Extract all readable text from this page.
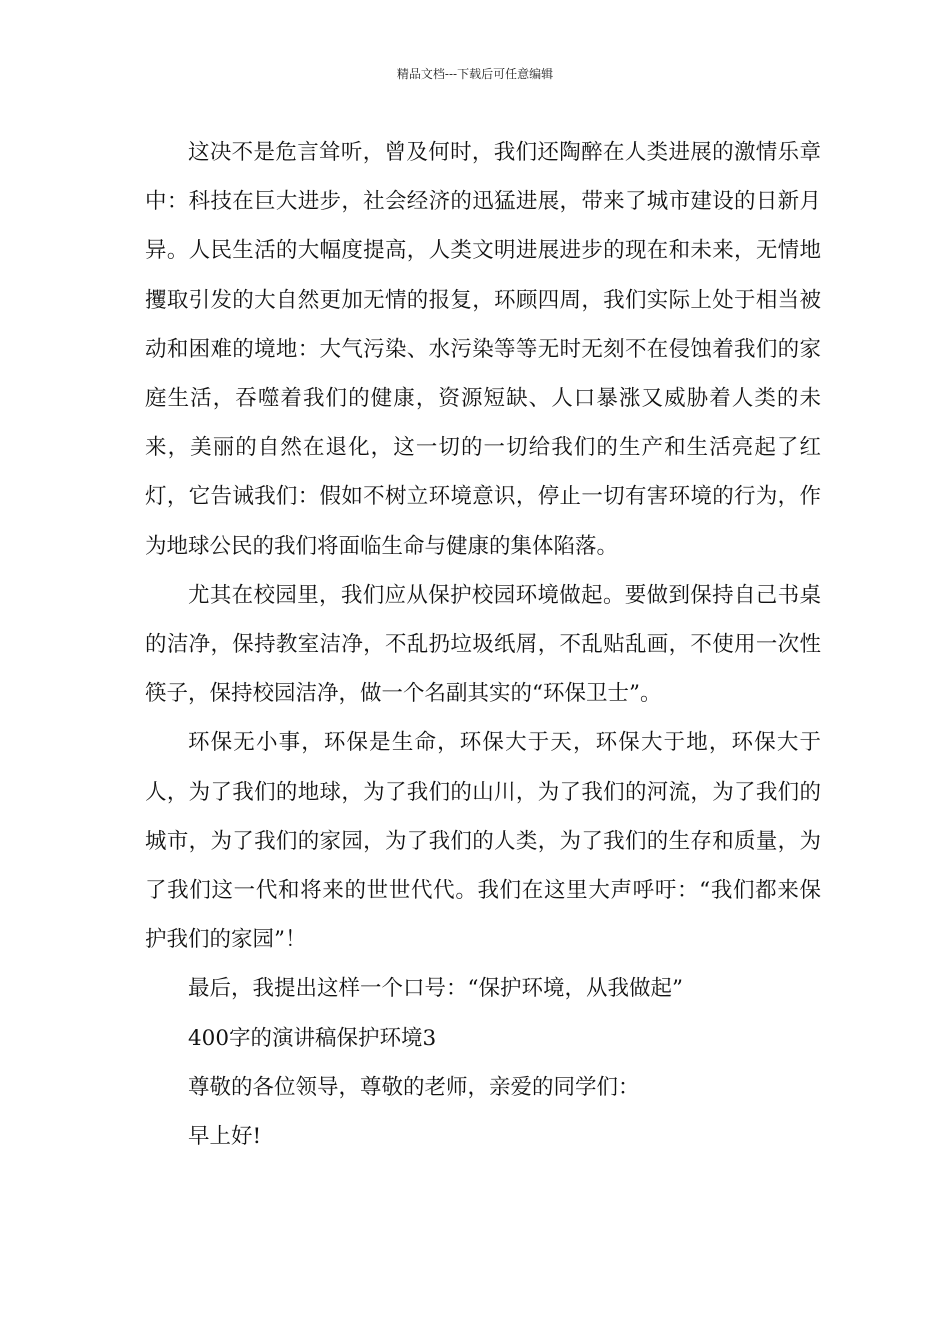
精品文档---下载后可任意编辑

这决不是危言耸听，曾及何时，我们还陶醉在人类进展的激情乐章中：科技在巨大进步，社会经济的迅猛进展，带来了城市建设的日新月异。人民生活的大幅度提高，人类文明进展进步的现在和未来，无情地攫取引发的大自然更加无情的报复，环顾四周，我们实际上处于相当被动和困难的境地：大气污染、水污染等等无时无刻不在侵蚀着我们的家庭生活，吞噬着我们的健康，资源短缺、人口暴涨又威胁着人类的未来，美丽的自然在退化，这一切的一切给我们的生产和生活亮起了红灯，它告诫我们：假如不树立环境意识，停止一切有害环境的行为，作为地球公民的我们将面临生命与健康的集体陷落。

尤其在校园里，我们应从保护校园环境做起。要做到保持自己书桌的洁净，保持教室洁净，不乱扔垃圾纸屑，不乱贴乱画，不使用一次性筷子，保持校园洁净，做一个名副其实的“环保卫士”。

环保无小事，环保是生命，环保大于天，环保大于地，环保大于人，为了我们的地球，为了我们的山川，为了我们的河流，为了我们的城市，为了我们的家园，为了我们的人类，为了我们的生存和质量，为了我们这一代和将来的世世代代。我们在这里大声呼吁：“我们都来保护我们的家园”！

最后，我提出这样一个口号：“保护环境，从我做起”

400字的演讲稿保护环境3

尊敬的各位领导，尊敬的老师，亲爱的同学们：

早上好!
